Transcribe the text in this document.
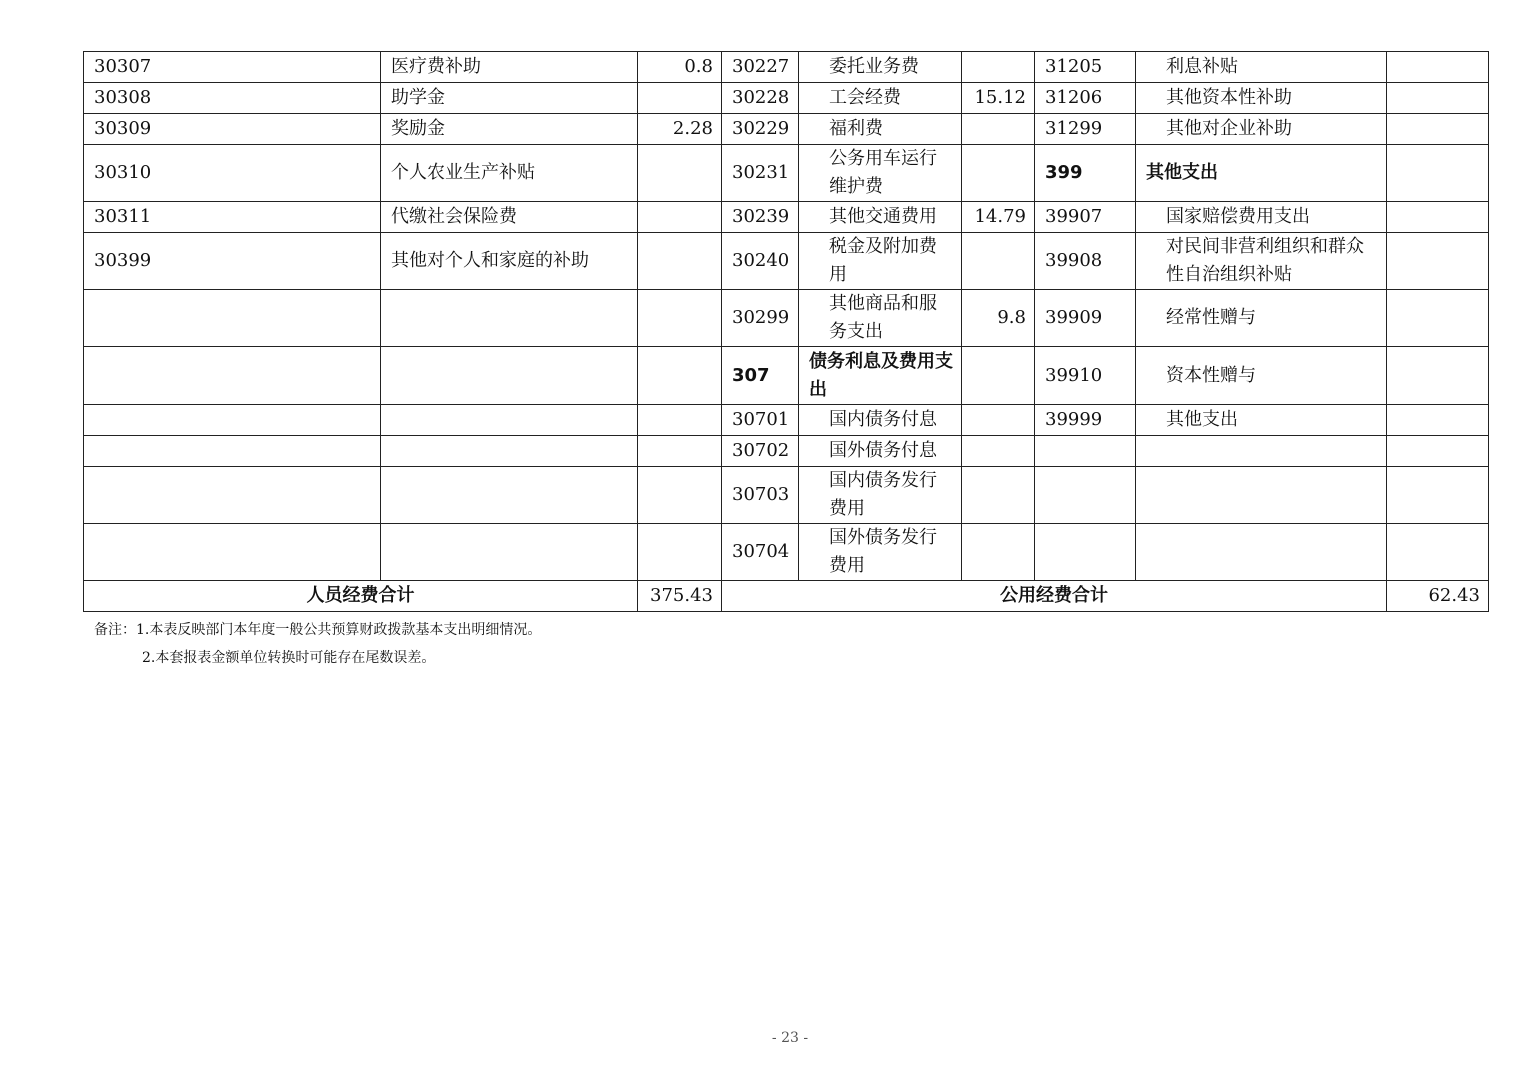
30307	医疗费补助	0.8	30227	委托业务费		31205	利息补贴	
30308	助学金		30228	工会经费	15.12	31206	其他资本性补助	
30309	奖励金	2.28	30229	福利费		31299	其他对企业补助	
30310	个人农业生产补贴		30231	公务用车运行维护费		399	其他支出	
30311	代缴社会保险费		30239	其他交通费用	14.79	39907	国家赔偿费用支出	
30399	其他对个人和家庭的补助		30240	税金及附加费用		39908	对民间非营利组织和群众性自治组织补贴	
			30299	其他商品和服务支出	9.8	39909	经常性赠与	
			307	债务利息及费用支出		39910	资本性赠与	
			30701	国内债务付息		39999	其他支出	
			30702	国外债务付息				
			30703	国内债务发行费用				
			30704	国外债务发行费用				
人员经费合计		375.43	公用经费合计					62.43
备注：1.本表反映部门本年度一般公共预算财政拨款基本支出明细情况。
2.本套报表金额单位转换时可能存在尾数误差。
- 23 -
